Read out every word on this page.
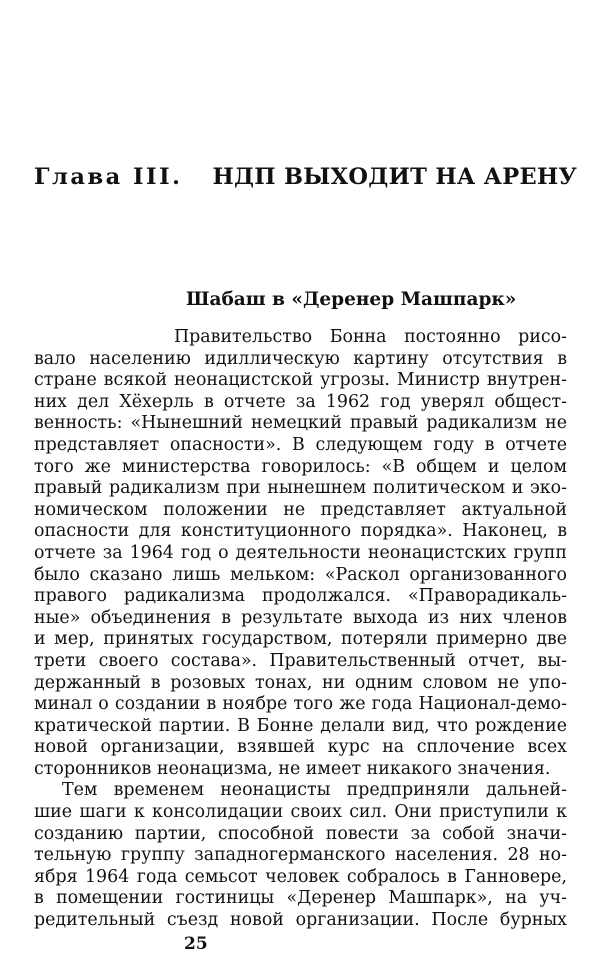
Глава III. НДП ВЫХОДИТ НА АРЕНУ
Шабаш в «Деренер Машпарк»
Правительство Бонна постоянно рисо-
вало населению идиллическую картину отсутствия в
стране всякой неонацистской угрозы. Министр внутрен-
них дел Хёхерль в отчете за 1962 год уверял общест-
венность: «Нынешний немецкий правый радикализм не
представляет опасности». В следующем году в отчете
того же министерства говорилось: «В общем и целом
правый радикализм при нынешнем политическом и эко-
номическом положении не представляет актуальной
опасности для конституционного порядка». Наконец, в
отчете за 1964 год о деятельности неонацистских групп
было сказано лишь мельком: «Раскол организованного
правого радикализма продолжался. «Праворадикаль-
ные» объединения в результате выхода из них членов
и мер, принятых государством, потеряли примерно две
трети своего состава». Правительственный отчет, вы-
держанный в розовых тонах, ни одним словом не упо-
минал о создании в ноябре того же года Национал-демо-
кратической партии. В Бонне делали вид, что рождение
новой организации, взявшей курс на сплочение всех
сторонников неонацизма, не имеет никакого значения.
Тем временем неонацисты предприняли дальней-
шие шаги к консолидации своих сил. Они приступили к
созданию партии, способной повести за собой значи-
тельную группу западногерманского населения. 28 но-
ября 1964 года семьсот человек собралось в Ганновере,
в помещении гостиницы «Деренер Машпарк», на уч-
редительный съезд новой организации. После бурных
25
